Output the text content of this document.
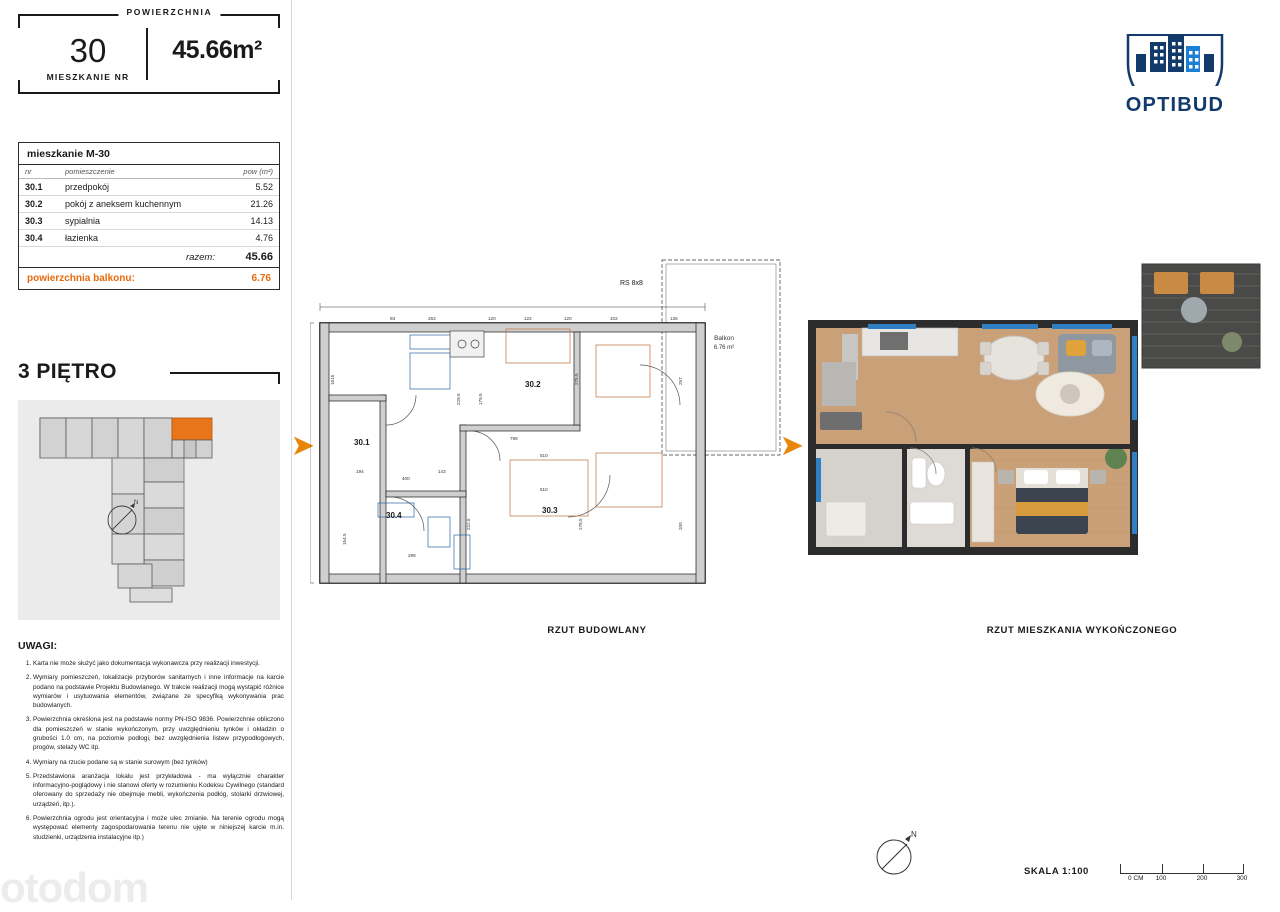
POWIERZCHNIA
30
MIESZKANIE NR
45.66m²
mieszkanie M-30
nr	pomieszczenie	pow (m²)
30.1	przedpokój	5.52
30.2	pokój z aneksem kuchennym	21.26
30.3	sypialnia	14.13
30.4	łazienka	4.76
	razem:	45.66
powierzchnia balkonu:	6.76
3 PIĘTRO
N
UWAGI:
1. Karta nie może służyć jako dokumentacja wykonawcza przy realizacji inwestycji.
2. Wymiary pomieszczeń, lokalizacje przyborów sanitarnych i inne informacje na karcie podano na podstawie Projektu Budowlanego. W trakcie realizacji mogą wystąpić różnice wymiarów i usytuowania elementów, związane ze specyfiką wykonywania prac budowlanych.
3. Powierzchnia określona jest na podstawie normy PN-ISO 9836. Powierzchnie obliczono dla pomieszczeń w stanie wykończonym, przy uwzględnieniu tynków i okładzin o grubości 1.0 cm, na poziomie podłogi, bez uwzględnienia listew przypodłogowych, progów, stelaży WC itp.
4. Wymiary na rzucie podane są w stanie surowym (bez tynków)
5. Przedstawiona aranżacja lokalu jest przykładowa - ma wyłącznie charakter informacyjno-poglądowy i nie stanowi oferty w rozumieniu Kodeksu Cywilnego (standard oferowany do sprzedaży nie obejmuje mebli, wykończenia podłóg, stolarki drzwiowej, urządzeń, itp.).
6. Powierzchnia ogrodu jest orientacyjna i może ulec zmianie. Na terenie ogrodu mogą występować elementy zagospodarowania terenu nie ujęte w niniejszej karcie m.in. studzienki, urządzenia instalacyjne itp.)
otodom
OPTIBUD
➤	➤
Balkon
6.76 m²
30.1
30.2
30.3
30.4
RS 8x8
93	263	120	122	120	102	136
798
510
510
298
194
400
143
1515
179.5
229.5
275.5	257
222.5	278.5	200
154.5
RZUT BUDOWLANY	RZUT MIESZKANIA WYKOŃCZONEGO
N
SKALA 1:100
0 CM 100	200	300
